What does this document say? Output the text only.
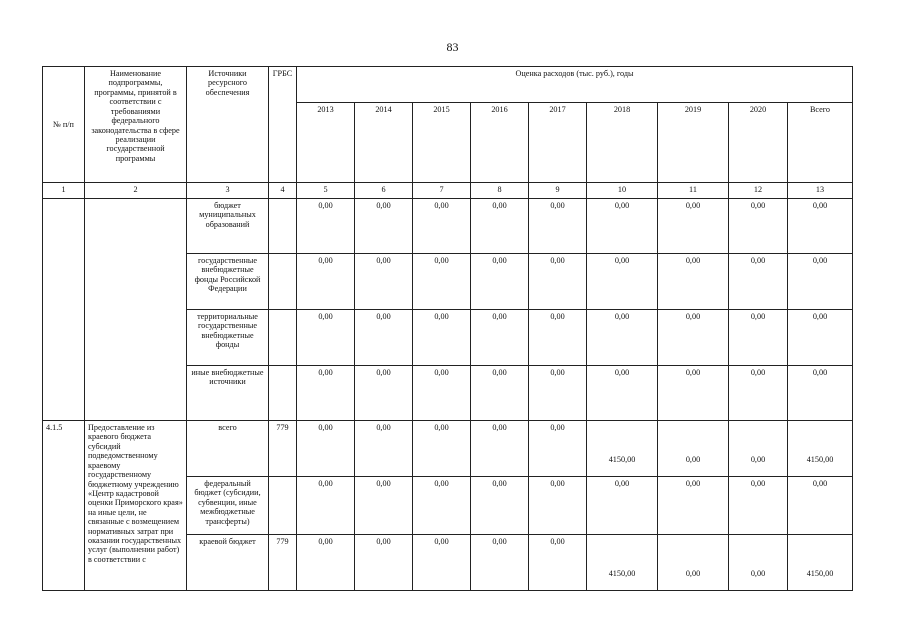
83
№ п/п	Наименование подпрограммы, программы, принятой в соответствии с требованиями федерального законодательства в сфере реализации государственной программы	Источники ресурсного обеспечения	ГРБС	Оценка расходов (тыс. руб.), годы								
				2013	2014	2015	2016	2017	2018	2019	2020	Всего
1	2	3	4	5	6	7	8	9	10	11	12	13
		бюджет муниципальных образований		0,00	0,00	0,00	0,00	0,00	0,00	0,00	0,00	0,00
		государственные внебюджетные фонды Российской Федерации		0,00	0,00	0,00	0,00	0,00	0,00	0,00	0,00	0,00
		территориальные государственные внебюджетные фонды		0,00	0,00	0,00	0,00	0,00	0,00	0,00	0,00	0,00
		иные внебюджетные источники		0,00	0,00	0,00	0,00	0,00	0,00	0,00	0,00	0,00
4.1.5	Предоставление из краевого бюджета субсидий подведомственному краевому государственному бюджетному учреждению «Центр кадастровой оценки Приморского края» на иные цели, не связанные с возмещением нормативных затрат при оказании государственных услуг (выполнении работ) в соответствии с	всего	779	0,00	0,00	0,00	0,00	0,00	4150,00	0,00	0,00	4150,00
		федеральный бюджет (субсидии, субвенции, иные межбюджетные трансферты)		0,00	0,00	0,00	0,00	0,00	0,00	0,00	0,00	0,00
		краевой бюджет	779	0,00	0,00	0,00	0,00	0,00	4150,00	0,00	0,00	4150,00
